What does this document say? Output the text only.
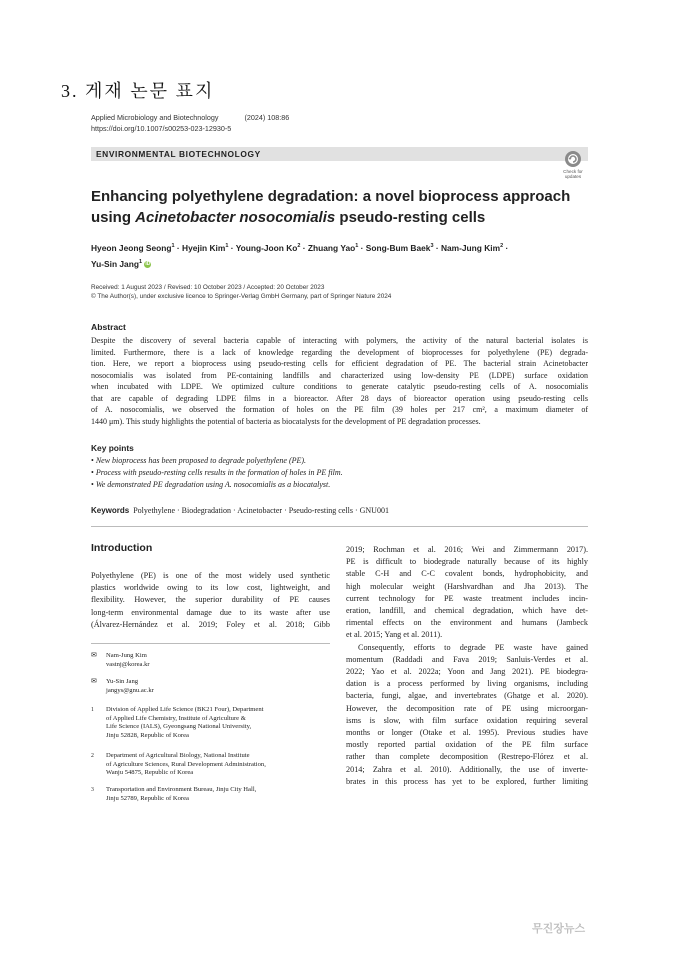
3. 게재 논문 표지
Applied Microbiology and Biotechnology	(2024) 108:86
https://doi.org/10.1007/s00253-023-12930-5
ENVIRONMENTAL BIOTECHNOLOGY
Check for
updates
Enhancing polyethylene degradation: a novel bioprocess approach
using Acinetobacter nosocomialis pseudo-resting cells
Hyeon Jeong Seong$^1$ · Hyejin Kim$^1$ · Young-Joon $Ko^2$ · Zhuang Yao$^1$ · Song-Bum Baek$^3$ · Nam-Jung Kim$^2$ ·
Yu-Sin Jang$^1$ iD
Received: 1 August 2023 / Revised: 10 October 2023 / Accepted: 20 October 2023
© The Author(s), under exclusive licence to Springer-Verlag GmbH Germany, part of Springer Nature 2024
Abstract
Despite the discovery of several bacteria capable of interacting with polymers, the activity of the natural bacterial isolates is
limited. Furthermore, there is a lack of knowledge regarding the development of bioprocesses for polyethylene (PE) degrada-
tion. Here, we report a bioprocess using pseudo-resting cells for efficient degradation of PE. The bacterial strain Acinetobacter
nosocomialis was isolated from PE-containing landfills and characterized using low-density PE (LDPE) surface oxidation
when incubated with LDPE. We optimized culture conditions to generate catalytic pseudo-resting cells of A. nosocomialis
that are capable of degrading LDPE films in a bioreactor. After 28 days of bioreactor operation using pseudo-resting cells
of A. nosocomialis, we observed the formation of holes on the PE film (39 holes per 217 cm², a maximum diameter of
1440 μm). This study highlights the potential of bacteria as biocatalysts for the development of PE degradation processes.
Key points
• New bioprocess has been proposed to degrade polyethylene (PE).
• Process with pseudo-resting cells results in the formation of holes in PE film.
• We demonstrated PE degradation using A. nosocomialis as a biocatalyst.
Keywords Polyethylene · Biodegradation · Acinetobacter · Pseudo-resting cells · GNU001
Introduction
Polyethylene (PE) is one of the most widely used synthetic
plastics worldwide owing to its low cost, lightweight, and
flexibility. However, the superior durability of PE causes
long-term environmental damage due to its waste after use
(Álvarez-Hernández et al. 2019; Foley et al. 2018; Gibb
✉ Nam-Jung Kim
vastnj@korea.kr
✉ Yu-Sin Jang
jangys@gnu.ac.kr
1 Division of Applied Life Science (BK21 Four), Department
of Applied Life Chemistry, Institute of Agriculture &
Life Science (IALS), Gyeongsang National University,
Jinju 52828, Republic of Korea
2 Department of Agricultural Biology, National Institute
of Agriculture Sciences, Rural Development Administration,
Wanju 54875, Republic of Korea
3 Transportation and Environment Bureau, Jinju City Hall,
Jinju 52789, Republic of Korea
2019; Rochman et al. 2016; Wei and Zimmermann 2017).
PE is difficult to biodegrade naturally because of its highly
stable C-H and C-C covalent bonds, hydrophobicity, and
high molecular weight (Harshvardhan and Jha 2013). The
current technology for PE waste treatment includes incin-
eration, landfill, and chemical degradation, which have det-
rimental effects on the environment and humans (Jambeck
et al. 2015; Yang et al. 2011).
Consequently, efforts to degrade PE waste have gained
momentum (Raddadi and Fava 2019; Sanluis-Verdes et al.
2022; Yao et al. 2022a; Yoon and Jang 2021). PE biodegra-
dation is a process performed by living organisms, including
bacteria, fungi, algae, and invertebrates (Ghatge et al. 2020).
However, the decomposition rate of PE using microorgan-
isms is slow, with film surface oxidation requiring several
months or longer (Otake et al. 1995). Previous studies have
mostly reported partial oxidation of the PE film surface
rather than complete decomposition (Restrepo-Flórez et al.
2014; Zahra et al. 2010). Additionally, the use of inverte-
brates in this process has yet to be explored, further limiting
무진장뉴스
